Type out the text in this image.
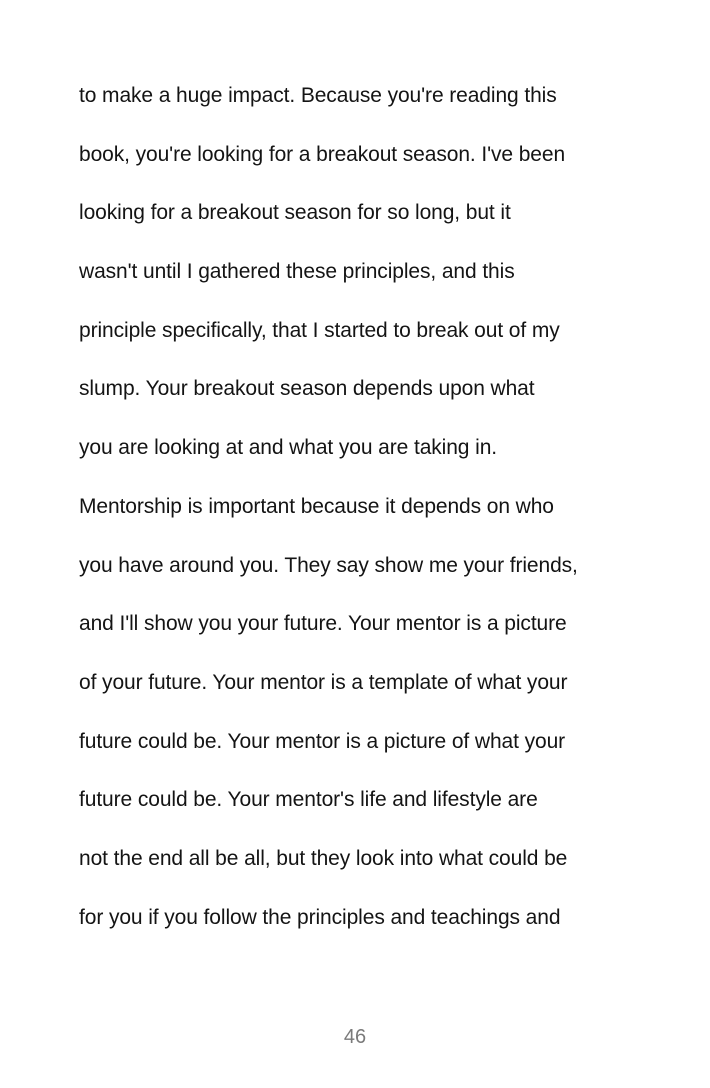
to make a huge impact. Because you're reading this
book, you're looking for a breakout season. I've been
looking for a breakout season for so long, but it
wasn't until I gathered these principles, and this
principle specifically, that I started to break out of my
slump. Your breakout season depends upon what
you are looking at and what you are taking in.
Mentorship is important because it depends on who
you have around you. They say show me your friends,
and I'll show you your future. Your mentor is a picture
of your future. Your mentor is a template of what your
future could be. Your mentor is a picture of what your
future could be. Your mentor's life and lifestyle are
not the end all be all, but they look into what could be
for you if you follow the principles and teachings and
46
